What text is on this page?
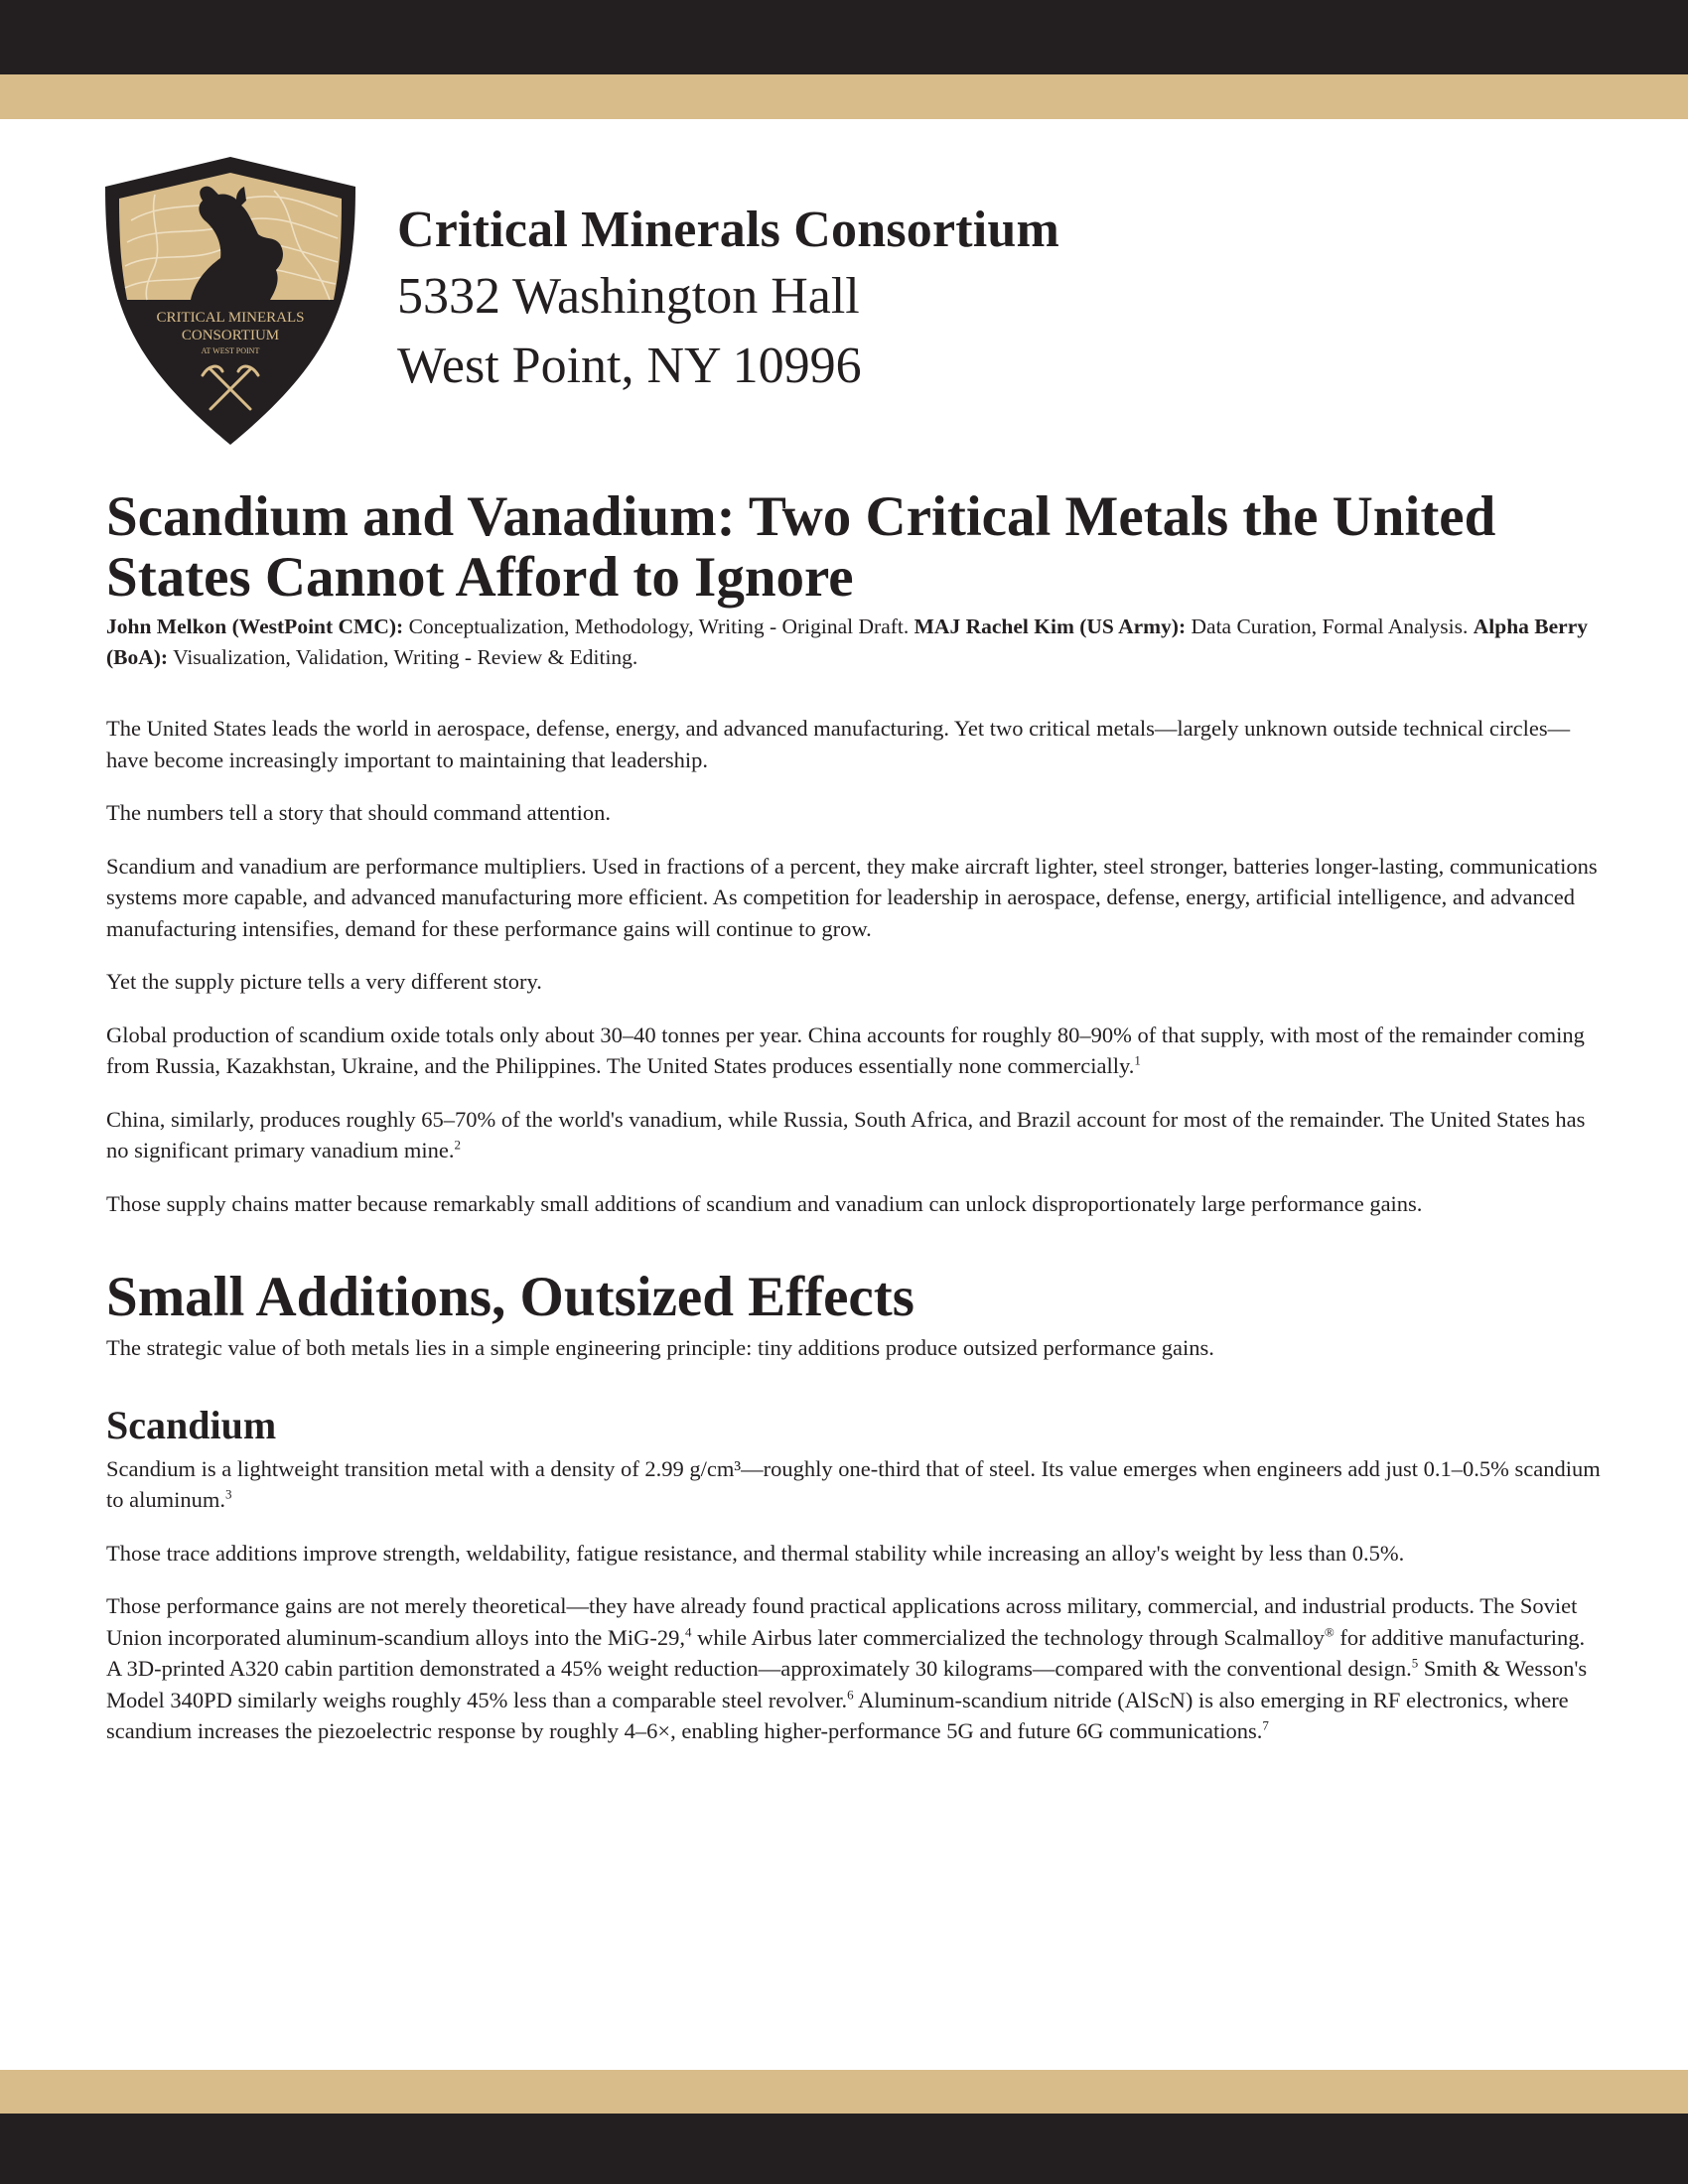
CRITICAL MINERALS
CONSORTIUM
AT WEST POINT
Critical Minerals Consortium
5332 Washington Hall
West Point, NY 10996
Scandium and Vanadium: Two Critical Metals the United States Cannot Afford to Ignore
John Melkon (WestPoint CMC): Conceptualization, Methodology, Writing - Original Draft. MAJ Rachel Kim (US Army): Data Curation, Formal Analysis. Alpha Berry (BoA): Visualization, Validation, Writing - Review & Editing.

The United States leads the world in aerospace, defense, energy, and advanced manufacturing. Yet two critical metals—largely unknown outside technical circles—have become increasingly important to maintaining that leadership.

The numbers tell a story that should command attention.

Scandium and vanadium are performance multipliers. Used in fractions of a percent, they make aircraft lighter, steel stronger, batteries longer-lasting, communications systems more capable, and advanced manufacturing more efficient. As competition for leadership in aerospace, defense, energy, artificial intelligence, and advanced manufacturing intensifies, demand for these performance gains will continue to grow.

Yet the supply picture tells a very different story.

Global production of scandium oxide totals only about 30–40 tonnes per year. China accounts for roughly 80–90% of that supply, with most of the remainder coming from Russia, Kazakhstan, Ukraine, and the Philippines. The United States produces essentially none commercially.$^1$

China, similarly, produces roughly 65–70% of the world's vanadium, while Russia, South Africa, and Brazil account for most of the remainder. The United States has no significant primary vanadium mine.$^2$

Those supply chains matter because remarkably small additions of scandium and vanadium can unlock disproportionately large performance gains.

Small Additions, Outsized Effects

The strategic value of both metals lies in a simple engineering principle: tiny additions produce outsized performance gains.

Scandium

Scandium is a lightweight transition metal with a density of 2.99 g/cm³—roughly one-third that of steel. Its value emerges when engineers add just 0.1–0.5% scandium to aluminum.$^3$

Those trace additions improve strength, weldability, fatigue resistance, and thermal stability while increasing an alloy's weight by less than 0.5%.

Those performance gains are not merely theoretical—they have already found practical applications across military, commercial, and industrial products. The Soviet Union incorporated aluminum-scandium alloys into the MiG-29,$^4$ while Airbus later commercialized the technology through Scalmalloy® for additive manufacturing. A 3D-printed A320 cabin partition demonstrated a 45% weight reduction—approximately 30 kilograms—compared with the conventional design.$^5$ Smith & Wesson's Model 340PD similarly weighs roughly 45% less than a comparable steel revolver.$^6$ Aluminum-scandium nitride (AlScN) is also emerging in RF electronics, where scandium increases the piezoelectric response by roughly 4–6×, enabling higher-performance 5G and future 6G communications.$^7$
